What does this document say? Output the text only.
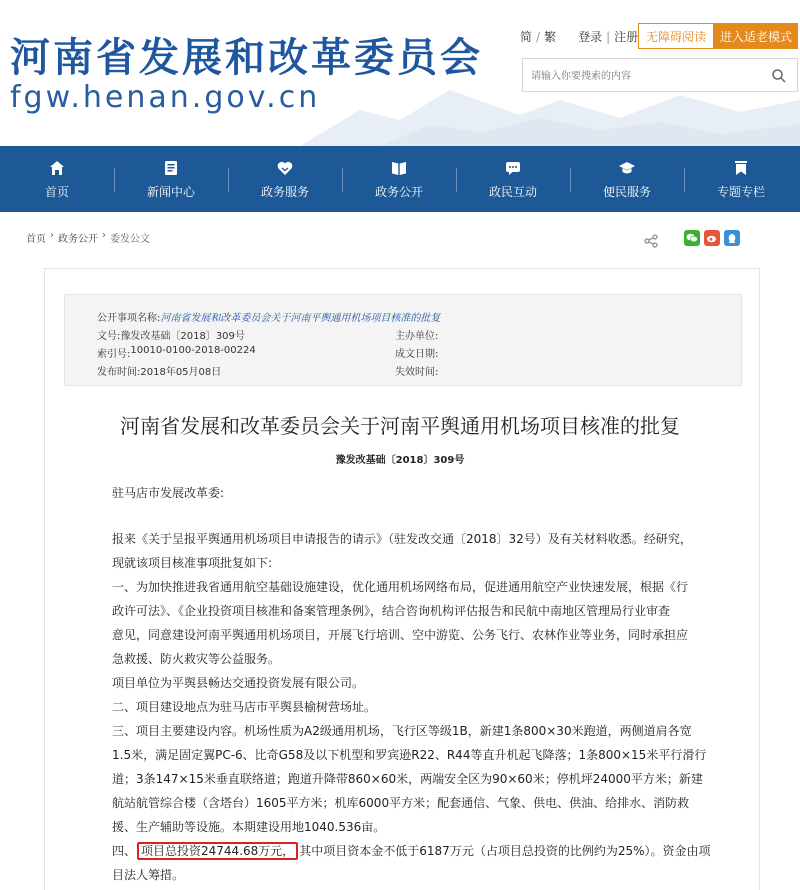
河南省发展和改革委员会
fgw.henan.gov.cn
简 / 繁 登录 | 注册 无障碍阅读	进入适老模式
请输入你要搜索的内容
首页	新闻中心	政务服务	政务公开	政民互动	便民服务	专题专栏
首页 › 政务公开 › 委发公文
公开事项名称: 河南省发展和改革委员会关于河南平舆通用机场项目核准的批复
文号: 豫发改基础〔2018〕309号	主办单位:
索引号: 10010-0100-2018-00224	成文日期:
发布时间: 2018年05月08日	失效时间:
河南省发展和改革委员会关于河南平舆通用机场项目核准的批复
豫发改基础〔2018〕309号
驻马店市发展改革委:
报来《关于呈报平舆通用机场项目申请报告的请示》（驻发改交通〔2018〕32号）及有关材料收悉。经研究，
现就该项目核准事项批复如下:
一、为加快推进我省通用航空基础设施建设，优化通用机场网络布局，促进通用航空产业快速发展，根据《行
政许可法》、《企业投资项目核准和备案管理条例》，结合咨询机构评估报告和民航中南地区管理局行业审查
意见，同意建设河南平舆通用机场项目，开展飞行培训、空中游览、公务飞行、农林作业等业务，同时承担应
急救援、防火救灾等公益服务。
项目单位为平舆县畅达交通投资发展有限公司。
二、项目建设地点为驻马店市平舆县榆树营场址。
三、项目主要建设内容。机场性质为A2级通用机场，飞行区等级1B，新建1条800×30米跑道，两侧道肩各宽
1.5米，满足固定翼PC-6、比奇G58及以下机型和罗宾逊R22、R44等直升机起飞降落；1条800×15米平行滑行
道；3条147×15米垂直联络道；跑道升降带860×60米，两端安全区为90×60米；停机坪24000平方米；新建
航站航管综合楼（含塔台）1605平方米；机库6000平方米；配套通信、气象、供电、供油、给排水、消防救
援、生产辅助等设施。本期建设用地1040.536亩。
四、 项目总投资24744.68万元， 其中项目资本金不低于6187万元（占项目总投资的比例约为25%）。资金由项
目法人筹措。
